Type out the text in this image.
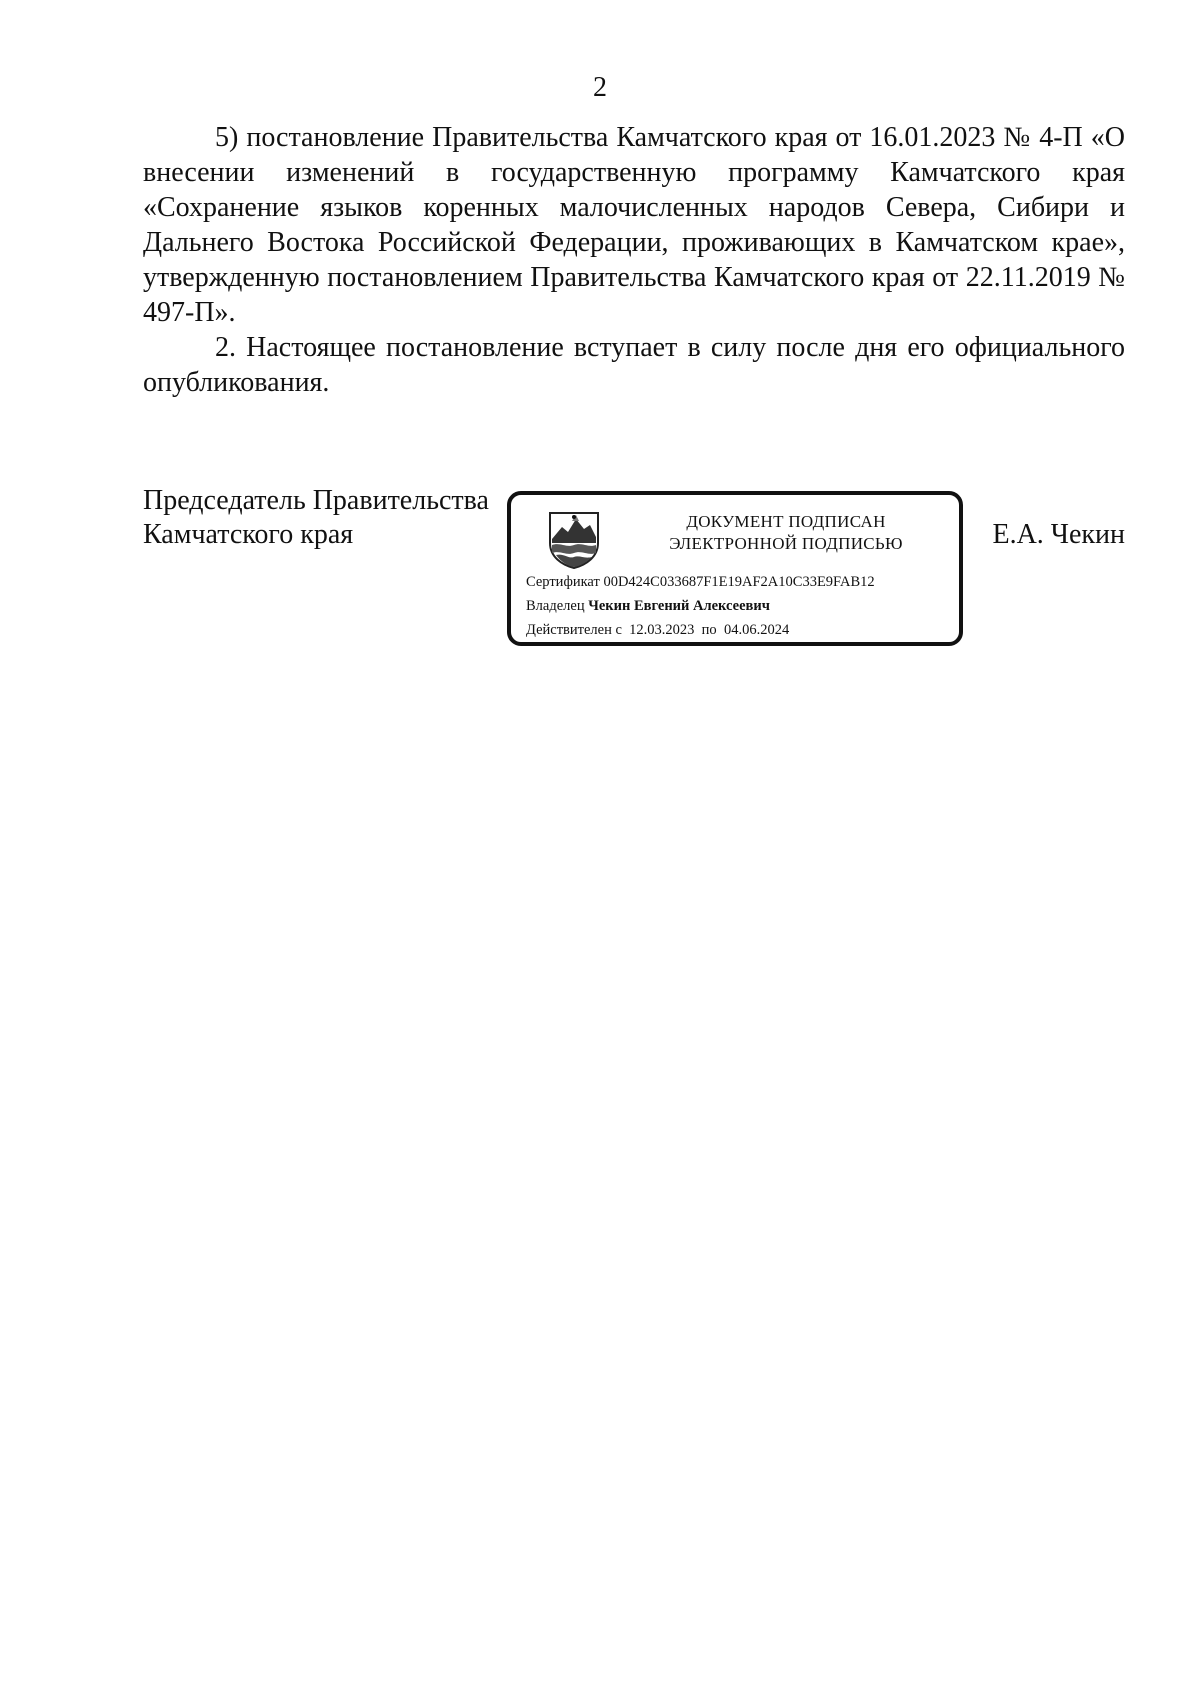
2

5) постановление Правительства Камчатского края от 16.01.2023 № 4-П «О внесении изменений в государственную программу Камчатского края «Сохранение языков коренных малочисленных народов Севера, Сибири и Дальнего Востока Российской Федерации, проживающих в Камчатском крае», утвержденную постановлением Правительства Камчатского края от 22.11.2019 № 497-П».

2. Настоящее постановление вступает в силу после дня его официального опубликования.

Председатель Правительства
Камчатского края	ДОКУМЕНТ ПОДПИСАН
ЭЛЕКТРОННОЙ ПОДПИСЬЮ
Сертификат 00D424C033687F1E19AF2A10C33E9FAB12
Владелец Чекин Евгений Алексеевич
Действителен с 12.03.2023 по 04.06.2024
Е.А. Чекин
